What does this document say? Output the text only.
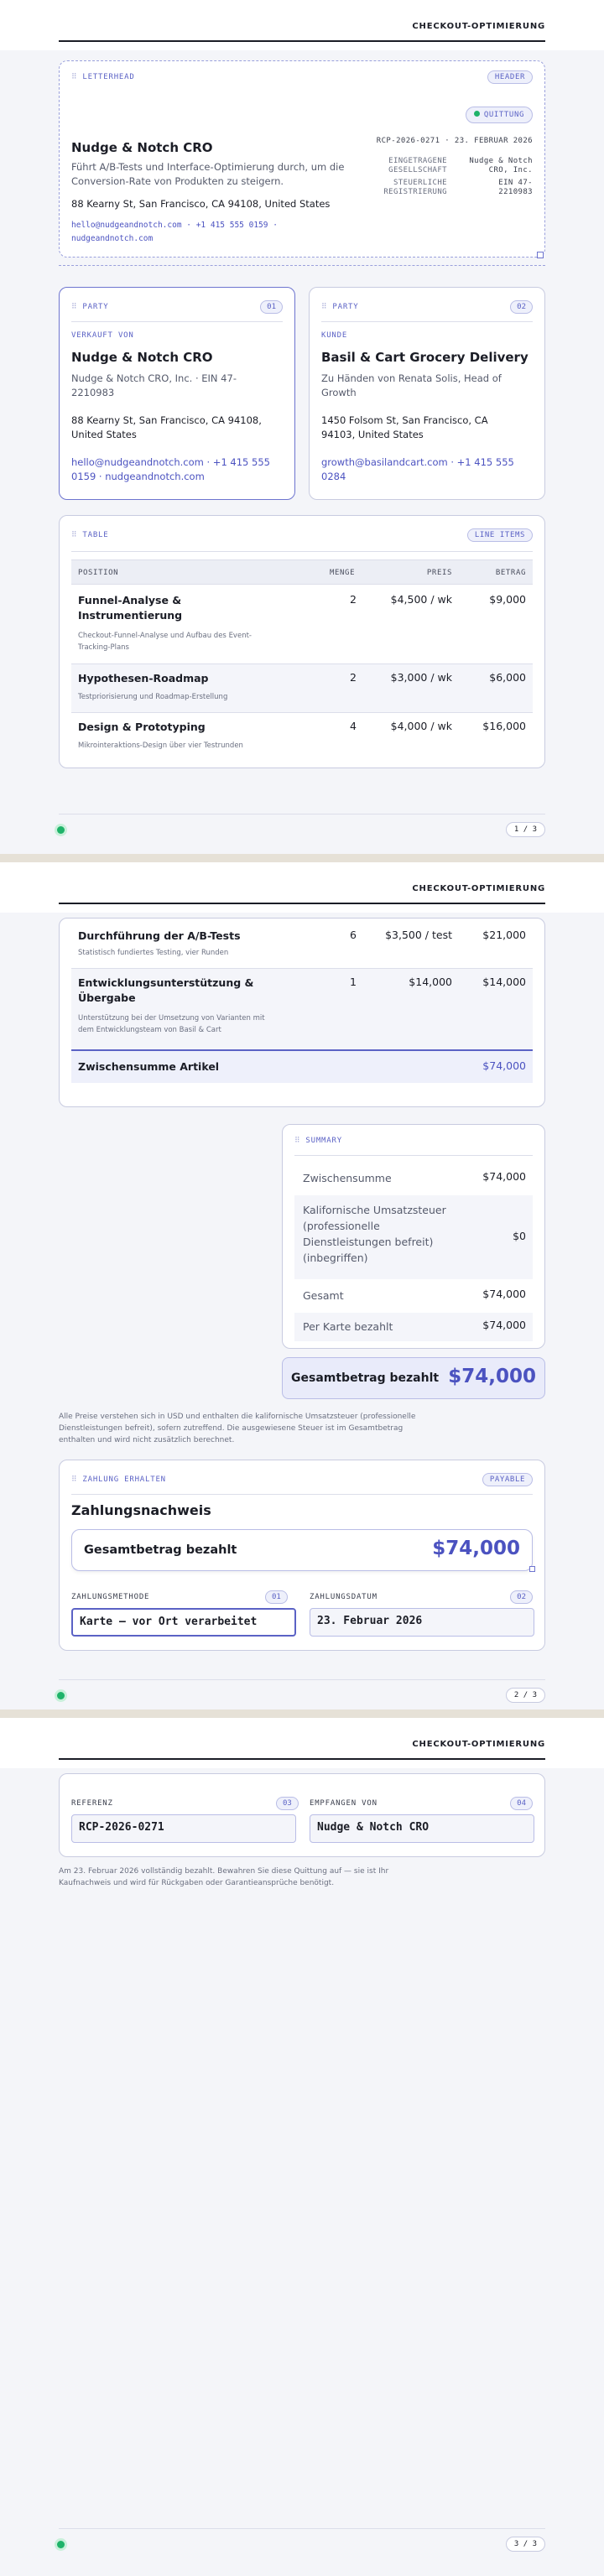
CHECKOUT-OPTIMIERUNG
⠿ LETTERHEAD	HEADER
QUITTUNG
Nudge & Notch CRO
Führt A/B-Tests und Interface-Optimierung durch, um die Conversion-Rate von Produkten zu steigern.
88 Kearny St, San Francisco, CA 94108, United States
hello@nudgeandnotch.com · +1 415 555 0159 · nudgeandnotch.com
RCP-2026-0271 · 23. FEBRUAR 2026
EINGETRAGENE GESELLSCHAFT
Nudge & Notch CRO, Inc.
STEUERLICHE REGISTRIERUNG
EIN 47-2210983
⠿ PARTY	01
VERKAUFT VON
Nudge & Notch CRO
Nudge & Notch CRO, Inc. · EIN 47-2210983
88 Kearny St, San Francisco, CA 94108, United States
hello@nudgeandnotch.com · +1 415 555 0159 · nudgeandnotch.com
⠿ PARTY	02
KUNDE
Basil & Cart Grocery Delivery
Zu Händen von Renata Solis, Head of Growth
1450 Folsom St, San Francisco, CA 94103, United States
growth@basilandcart.com · +1 415 555 0284
⠿ TABLE	LINE ITEMS
POSITION	MENGE	PREIS	BETRAG
Funnel-Analyse & Instrumentierung
Checkout-Funnel-Analyse und Aufbau des Event-Tracking-Plans
2	$4,500 / wk	$9,000
Hypothesen-Roadmap
Testpriorisierung und Roadmap-Erstellung
2	$3,000 / wk	$6,000
Design & Prototyping
Mikrointeraktions-Design über vier Testrunden
4	$4,000 / wk	$16,000
1 / 3
CHECKOUT-OPTIMIERUNG
Durchführung der A/B-Tests
Statistisch fundiertes Testing, vier Runden
6	$3,500 / test	$21,000
Entwicklungsunterstützung & Übergabe
Unterstützung bei der Umsetzung von Varianten mit dem Entwicklungsteam von Basil & Cart
1	$14,000	$14,000
Zwischensumme Artikel	$74,000
⠿ SUMMARY
Zwischensumme	$74,000
Kalifornische Umsatzsteuer (professionelle Dienstleistungen befreit) (inbegriffen)
$0
Gesamt	$74,000
Per Karte bezahlt	$74,000
Gesamtbetrag bezahlt $74,000
Alle Preise verstehen sich in USD und enthalten die kalifornische Umsatzsteuer (professionelle Dienstleistungen befreit), sofern zutreffend. Die ausgewiesene Steuer ist im Gesamtbetrag enthalten und wird nicht zusätzlich berechnet.
⠿ ZAHLUNG ERHALTEN	PAYABLE
Zahlungsnachweis
Gesamtbetrag bezahlt	$74,000
ZAHLUNGSMETHODE	01
Karte — vor Ort verarbeitet
ZAHLUNGSDATUM	02
23. Februar 2026
2 / 3
CHECKOUT-OPTIMIERUNG
REFERENZ	03
RCP-2026-0271
EMPFANGEN VON	04
Nudge & Notch CRO
Am 23. Februar 2026 vollständig bezahlt. Bewahren Sie diese Quittung auf — sie ist Ihr Kaufnachweis und wird für Rückgaben oder Garantieansprüche benötigt.
3 / 3
